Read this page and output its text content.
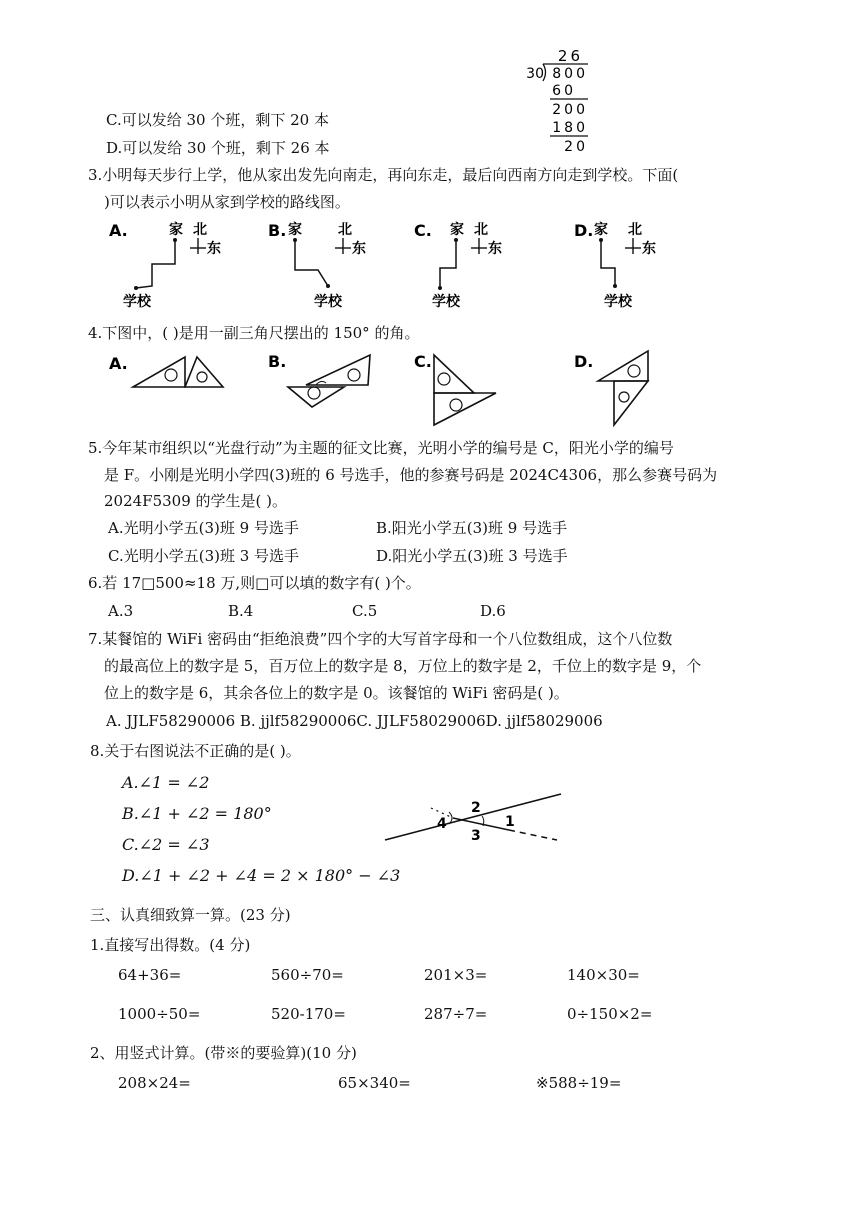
26
30 800
60
200
180
20
C.可以发给 30 个班，剩下 20 本
D.可以发给 30 个班，剩下 26 本
3.小明每天步行上学，他从家出发先向南走，再向东走，最后向西南方向走到学校。下面(
)可以表示小明从家到学校的路线图。
A.	家 北
东
学校
B. 家	北
东
学校
C. 家 北
东
学校
D. 家 北
东
学校
4.下图中，( )是用一副三角尺摆出的 150° 的角。
A.	B.	C.	D.
5.今年某市组织以“光盘行动”为主题的征文比赛，光明小学的编号是 C，阳光小学的编号
是 F。小刚是光明小学四(3)班的 6 号选手，他的参赛号码是 2024C4306，那么参赛号码为
2024F5309 的学生是( )。
A.光明小学五(3)班 9 号选手	B.阳光小学五(3)班 9 号选手
C.光明小学五(3)班 3 号选手	D.阳光小学五(3)班 3 号选手
6.若 17□500≈18 万,则□可以填的数字有( )个。
A.3	B.4	C.5	D.6
7.某餐馆的 WiFi 密码由“拒绝浪费”四个字的大写首字母和一个八位数组成，这个八位数
的最高位上的数字是 5，百万位上的数字是 8，万位上的数字是 2，千位上的数字是 9，个
位上的数字是 6，其余各位上的数字是 0。该餐馆的 WiFi 密码是( )。
A. JJLF58290006 B. jjlf58290006C. JJLF58029006D. jjlf58029006
8.关于右图说法不正确的是( )。
A.∠1 = ∠2
B.∠1 + ∠2 = 180°
C.∠2 = ∠3
D.∠1 + ∠2 + ∠4 = 2 × 180° − ∠3
1
2
3
4
三、认真细致算一算。(23 分)
1.直接写出得数。(4 分)
64+36=	560÷70=	201×3=	140×30=
1000÷50=	520-170=	287÷7=	0÷150×2=
2、用竖式计算。(带※的要验算)(10 分)
208×24=	65×340=	※588÷19=
